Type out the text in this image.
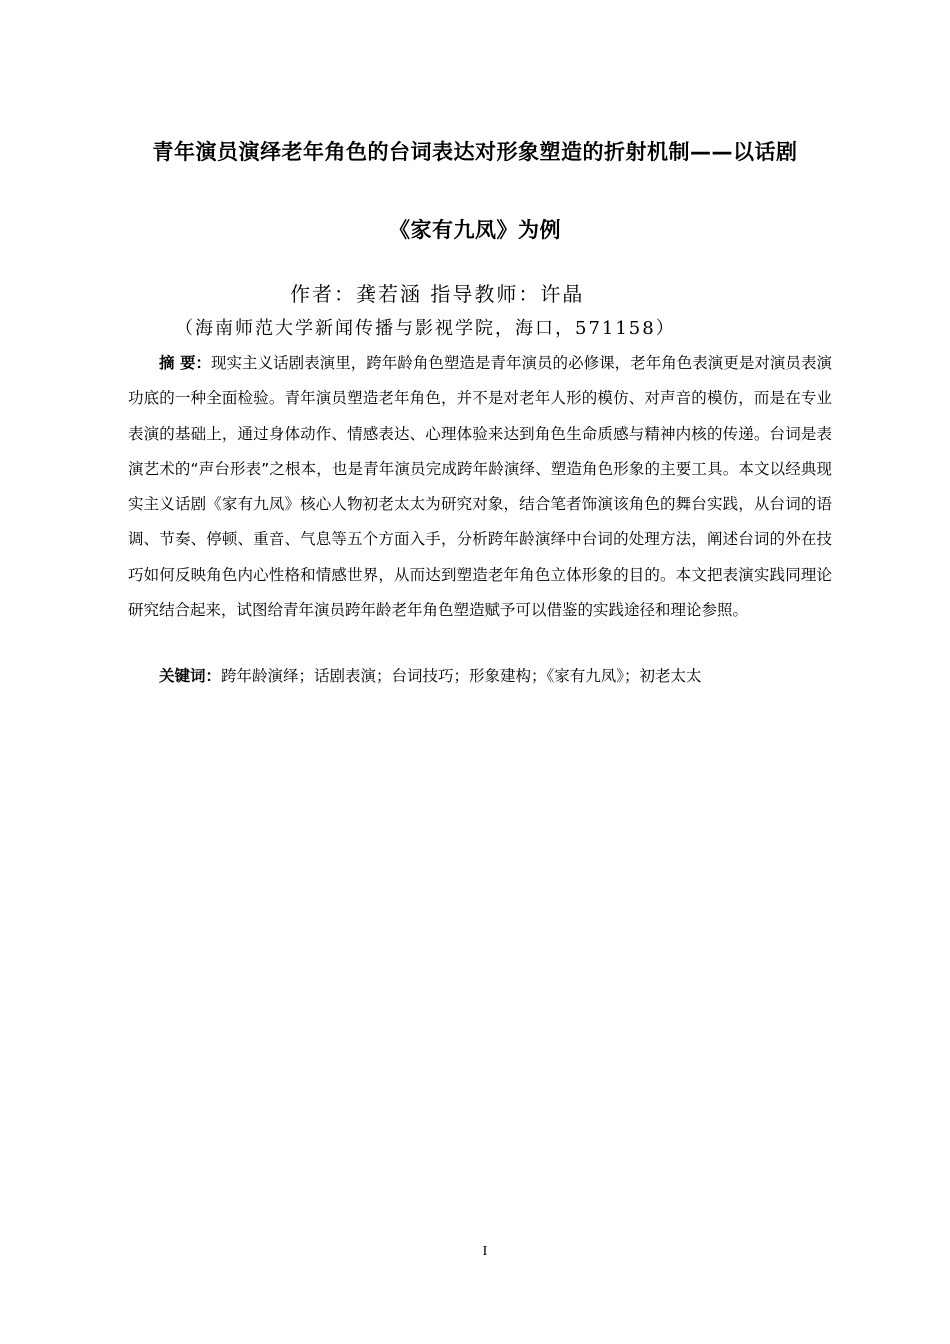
青年演员演绎老年角色的台词表达对形象塑造的折射机制——以话剧
《家有九凤》为例
作者：龚若涵 指导教师：许晶
（海南师范大学新闻传播与影视学院，海口，571158）

摘 要：现实主义话剧表演里，跨年龄角色塑造是青年演员的必修课，老年角色表演更是对演员表演功底的一种全面检验。青年演员塑造老年角色，并不是对老年人形的模仿、对声音的模仿，而是在专业表演的基础上，通过身体动作、情感表达、心理体验来达到角色生命质感与精神内核的传递。台词是表演艺术的“声台形表”之根本，也是青年演员完成跨年龄演绎、塑造角色形象的主要工具。本文以经典现实主义话剧《家有九凤》核心人物初老太太为研究对象，结合笔者饰演该角色的舞台实践，从台词的语调、节奏、停顿、重音、气息等五个方面入手，分析跨年龄演绎中台词的处理方法，阐述台词的外在技巧如何反映角色内心性格和情感世界，从而达到塑造老年角色立体形象的目的。本文把表演实践同理论研究结合起来，试图给青年演员跨年龄老年角色塑造赋予可以借鉴的实践途径和理论参照。

关键词：跨年龄演绎；话剧表演；台词技巧；形象建构；《家有九凤》；初老太太

I
